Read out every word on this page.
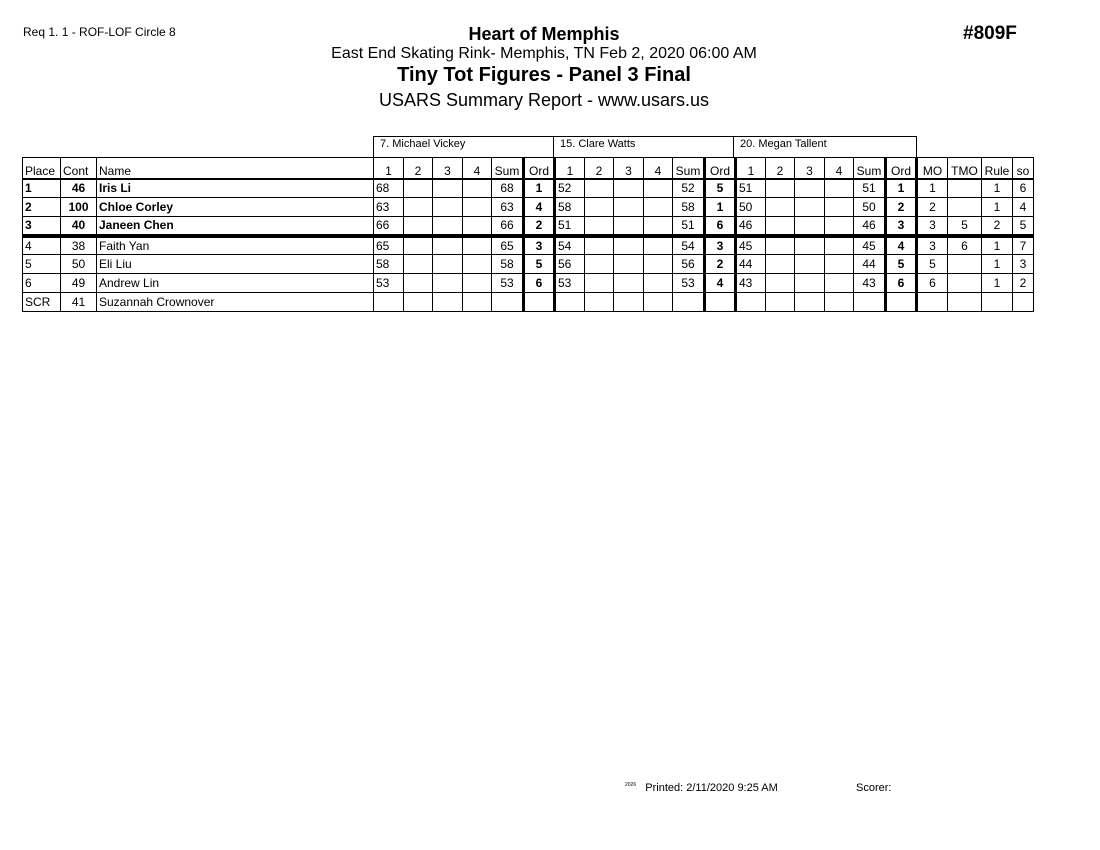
Req 1. 1 - ROF-LOF Circle 8	#809F
Heart of Memphis
East End Skating Rink- Memphis, TN Feb 2, 2020 06:00 AM
Tiny Tot Figures - Panel 3 Final
USARS Summary Report - www.usars.us
7. Michael Vickey	15. Clare Watts	20. Megan Tallent
Place	Cont	Name	1	2	3	4	Sum	Ord	1	2	3	4	Sum	Ord	1	2	3	4	Sum	Ord	MO	TMO	Rule	so
1	46	Iris Li	68				68	1	52				52	5	51				51	1	1		1	6
2	100	Chloe Corley	63				63	4	58				58	1	50				50	2	2		1	4
3	40	Janeen Chen	66				66	2	51				51	6	46				46	3	3	5	2	5
4	38	Faith Yan	65				65	3	54				54	3	45				45	4	3	6	1	7
5	50	Eli Liu	58				58	5	56				56	2	44				44	5	5		1	3
6	49	Andrew Lin	53				53	6	53				53	4	43				43	6	6		1	2
SCR	41	Suzannah Crownover																						
$^{2026}$ Printed: 2/11/2020 9:25 AM	Scorer:
